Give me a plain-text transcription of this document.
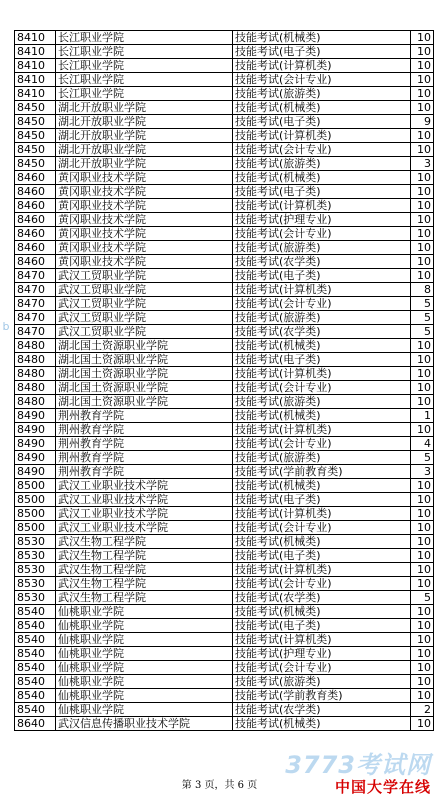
b
8410	长江职业学院	技能考试(机械类)	10
8410	长江职业学院	技能考试(电子类)	10
8410	长江职业学院	技能考试(计算机类)	10
8410	长江职业学院	技能考试(会计专业)	10
8410	长江职业学院	技能考试(旅游类)	10
8450	湖北开放职业学院	技能考试(机械类)	10
8450	湖北开放职业学院	技能考试(电子类)	9
8450	湖北开放职业学院	技能考试(计算机类)	10
8450	湖北开放职业学院	技能考试(会计专业)	10
8450	湖北开放职业学院	技能考试(旅游类)	3
8460	黄冈职业技术学院	技能考试(机械类)	10
8460	黄冈职业技术学院	技能考试(电子类)	10
8460	黄冈职业技术学院	技能考试(计算机类)	10
8460	黄冈职业技术学院	技能考试(护理专业)	10
8460	黄冈职业技术学院	技能考试(会计专业)	10
8460	黄冈职业技术学院	技能考试(旅游类)	10
8460	黄冈职业技术学院	技能考试(农学类)	10
8470	武汉工贸职业学院	技能考试(电子类)	10
8470	武汉工贸职业学院	技能考试(计算机类)	8
8470	武汉工贸职业学院	技能考试(会计专业)	5
8470	武汉工贸职业学院	技能考试(旅游类)	5
8470	武汉工贸职业学院	技能考试(农学类)	5
8480	湖北国土资源职业学院	技能考试(机械类)	10
8480	湖北国土资源职业学院	技能考试(电子类)	10
8480	湖北国土资源职业学院	技能考试(计算机类)	10
8480	湖北国土资源职业学院	技能考试(会计专业)	10
8480	湖北国土资源职业学院	技能考试(旅游类)	10
8490	荆州教育学院	技能考试(机械类)	1
8490	荆州教育学院	技能考试(计算机类)	10
8490	荆州教育学院	技能考试(会计专业)	4
8490	荆州教育学院	技能考试(旅游类)	5
8490	荆州教育学院	技能考试(学前教育类)	3
8500	武汉工业职业技术学院	技能考试(机械类)	10
8500	武汉工业职业技术学院	技能考试(电子类)	10
8500	武汉工业职业技术学院	技能考试(计算机类)	10
8500	武汉工业职业技术学院	技能考试(会计专业)	10
8530	武汉生物工程学院	技能考试(机械类)	10
8530	武汉生物工程学院	技能考试(电子类)	10
8530	武汉生物工程学院	技能考试(计算机类)	10
8530	武汉生物工程学院	技能考试(会计专业)	10
8530	武汉生物工程学院	技能考试(农学类)	5
8540	仙桃职业学院	技能考试(机械类)	10
8540	仙桃职业学院	技能考试(电子类)	10
8540	仙桃职业学院	技能考试(计算机类)	10
8540	仙桃职业学院	技能考试(护理专业)	10
8540	仙桃职业学院	技能考试(会计专业)	10
8540	仙桃职业学院	技能考试(旅游类)	10
8540	仙桃职业学院	技能考试(学前教育类)	10
8540	仙桃职业学院	技能考试(农学类)	2
8640	武汉信息传播职业技术学院	技能考试(机械类)	10
第 3 页，共 6 页
3773考试网
中国大学在线
